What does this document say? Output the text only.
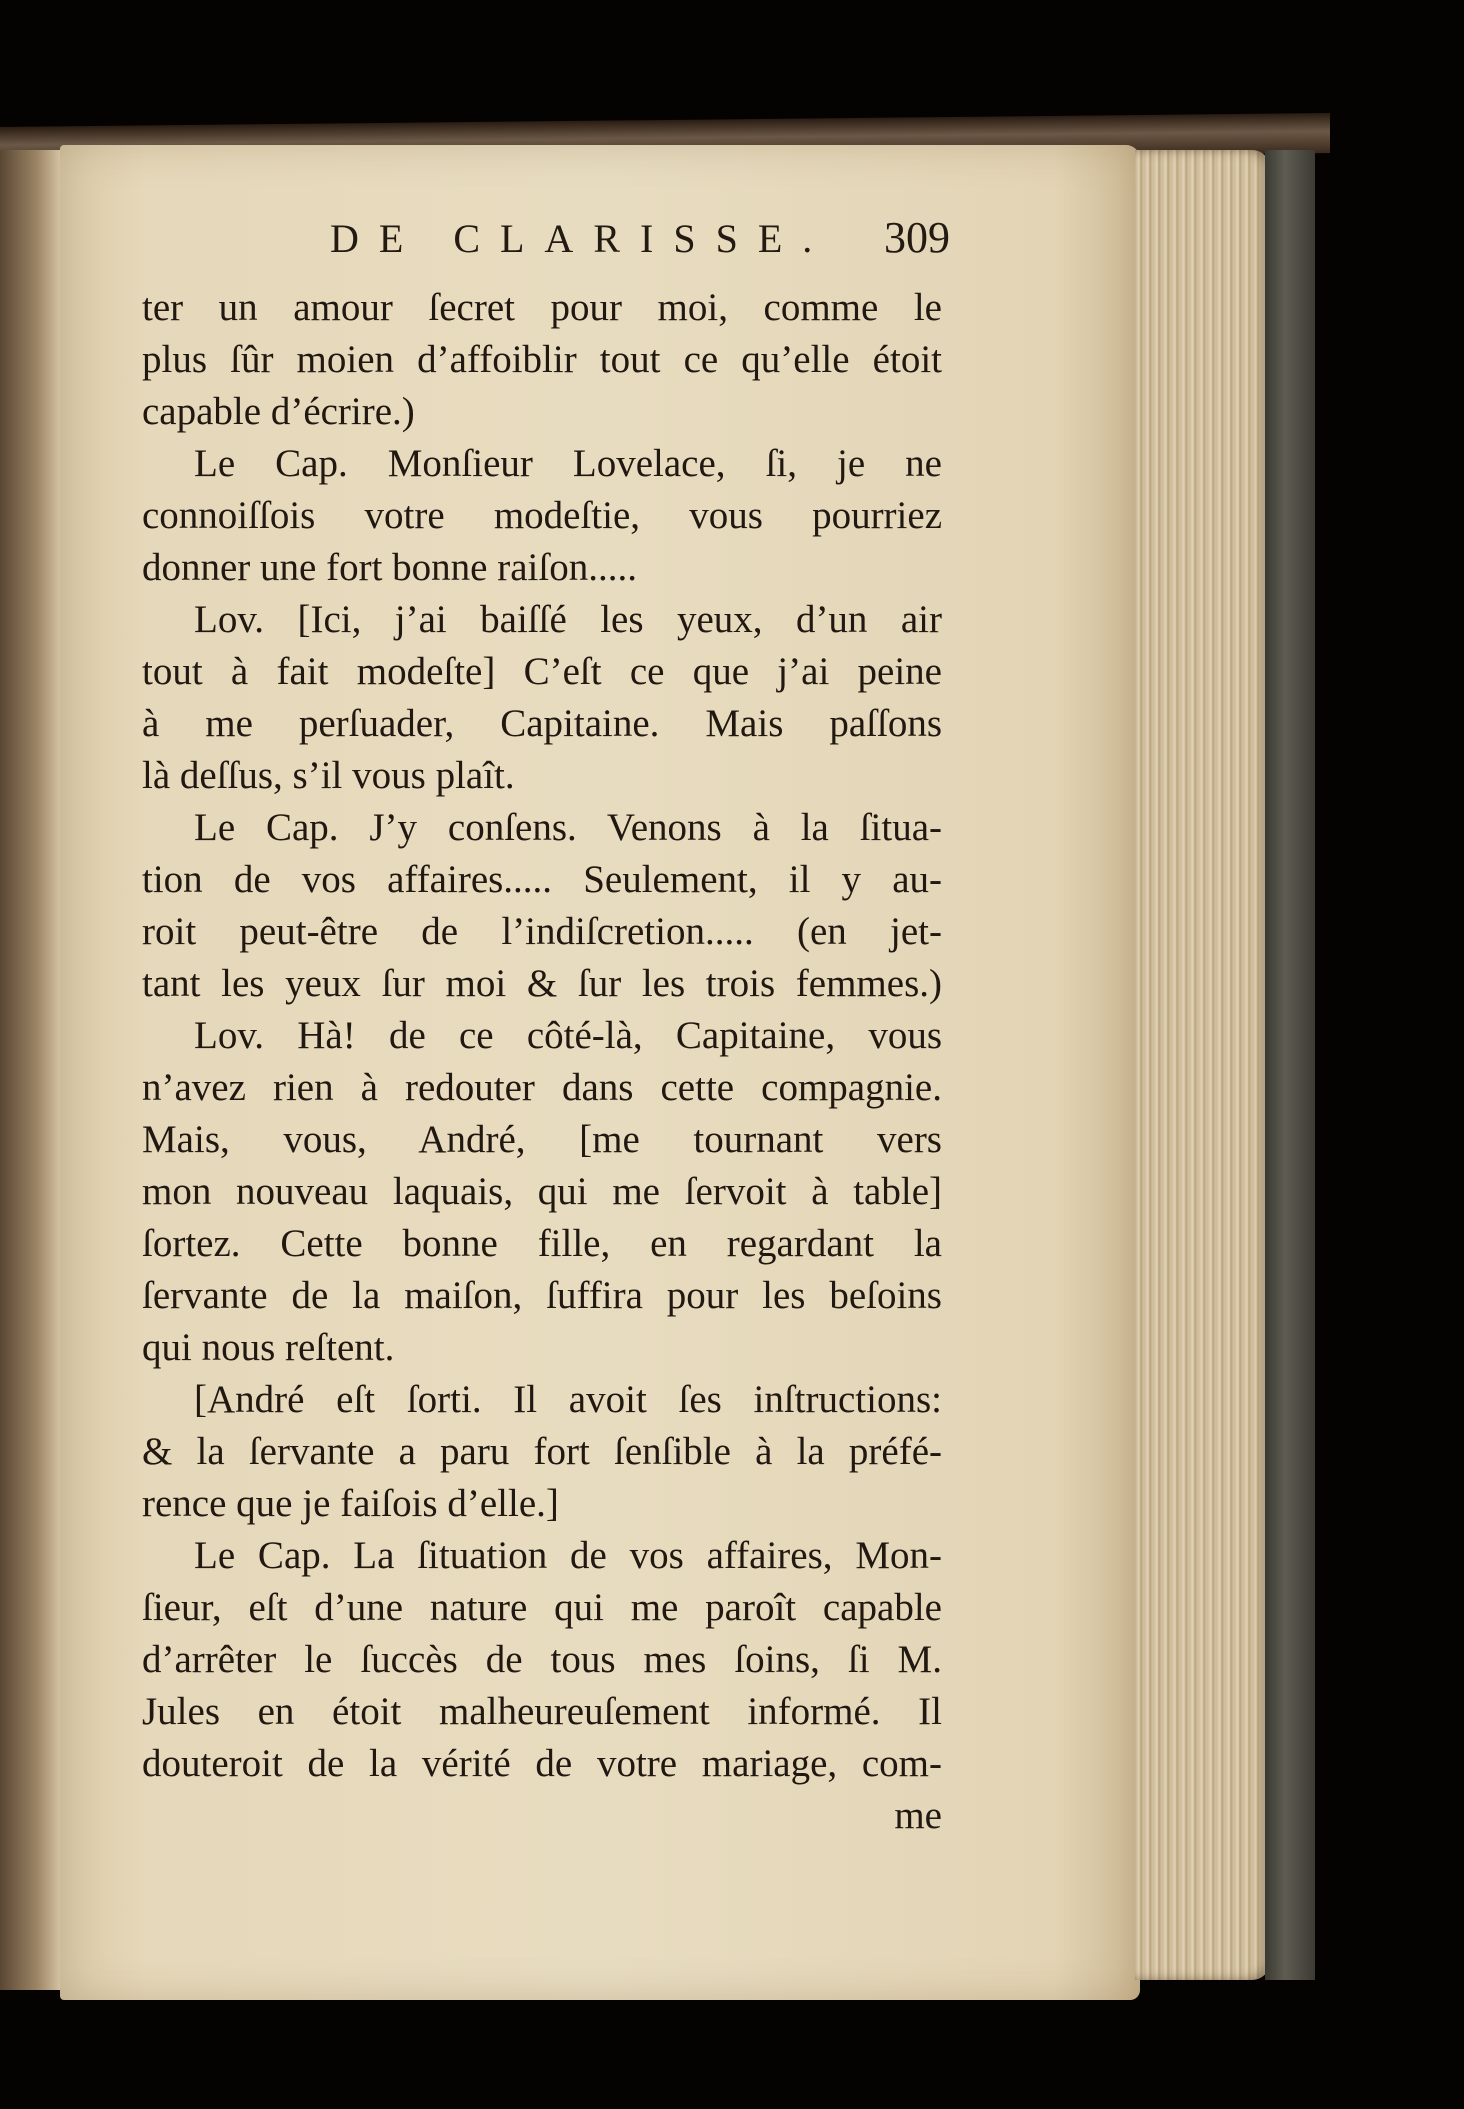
DE CLARISSE.	309
ter un amour ſecret pour moi, comme le
plus ſûr moien d’affoiblir tout ce qu’elle étoit
capable d’écrire.)
Le Cap. Monſieur Lovelace, ſi, je ne
connoiſſois votre modeſtie, vous pourriez
donner une fort bonne raiſon.....
Lov. [Ici, j’ai baiſſé les yeux, d’un air
tout à fait modeſte] C’eſt ce que j’ai peine
à me perſuader, Capitaine. Mais paſſons
là deſſus, s’il vous plaît.
Le Cap. J’y conſens. Venons à la ſitua-
tion de vos affaires..... Seulement, il y au-
roit peut-être de l’indiſcretion..... (en jet-
tant les yeux ſur moi & ſur les trois femmes.)
Lov. Hà! de ce côté-là, Capitaine, vous
n’avez rien à redouter dans cette compagnie.
Mais, vous, André, [me tournant vers
mon nouveau laquais, qui me ſervoit à table]
ſortez. Cette bonne fille, en regardant la
ſervante de la maiſon, ſuffira pour les beſoins
qui nous reſtent.
[André eſt ſorti. Il avoit ſes inſtructions:
& la ſervante a paru fort ſenſible à la préfé-
rence que je faiſois d’elle.]
Le Cap. La ſituation de vos affaires, Mon-
ſieur, eſt d’une nature qui me paroît capable
d’arrêter le ſuccès de tous mes ſoins, ſi M.
Jules en étoit malheureuſement informé. Il
douteroit de la vérité de votre mariage, com-
me
